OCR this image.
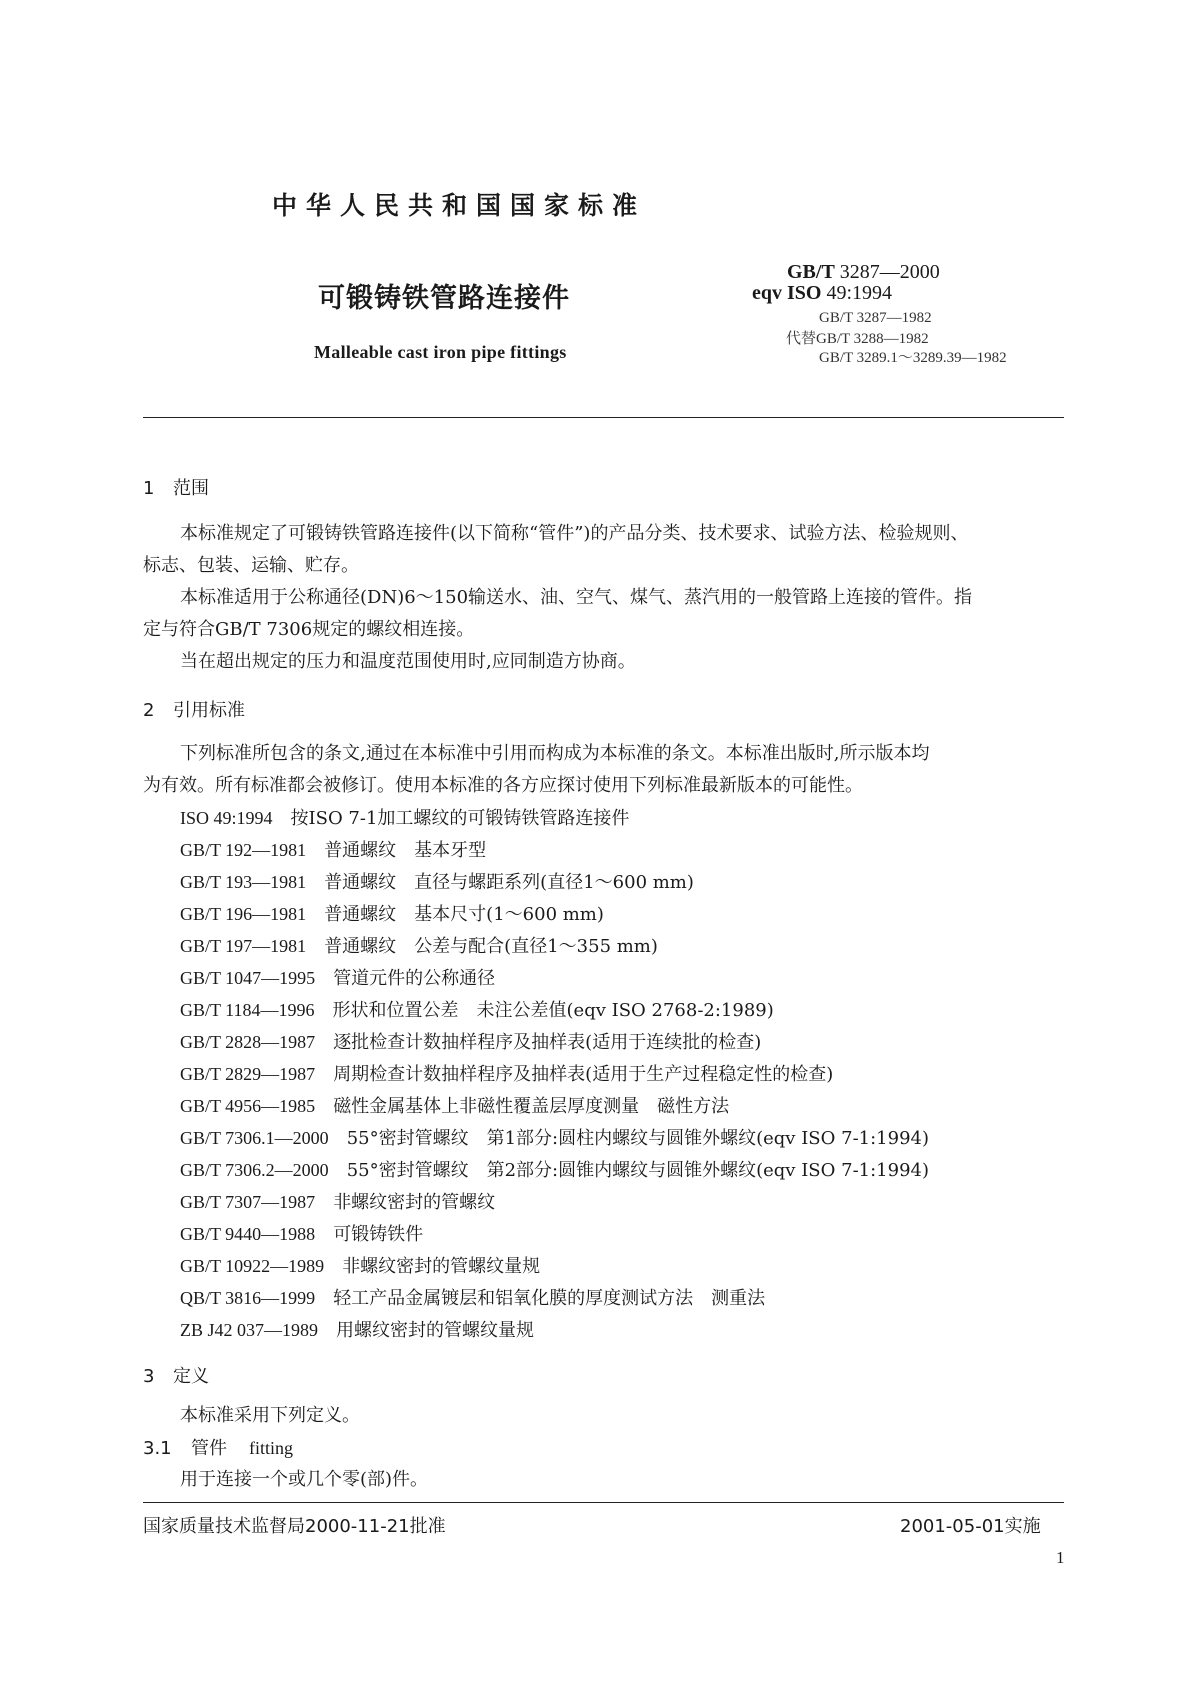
中华人民共和国国家标准
可锻铸铁管路连接件
Malleable cast iron pipe fittings
GB/T 3287—2000
eqv ISO 49:1994
GB/T 3287—1982
代替GB/T 3288—1982
GB/T 3289.1～3289.39—1982
1 范围
本标准规定了可锻铸铁管路连接件(以下简称“管件”)的产品分类、技术要求、试验方法、检验规则、
标志、包装、运输、贮存。
本标准适用于公称通径(DN)6～150输送水、油、空气、煤气、蒸汽用的一般管路上连接的管件。指
定与符合GB/T 7306规定的螺纹相连接。
当在超出规定的压力和温度范围使用时,应同制造方协商。
2 引用标准
下列标准所包含的条文,通过在本标准中引用而构成为本标准的条文。本标准出版时,所示版本均
为有效。所有标准都会被修订。使用本标准的各方应探讨使用下列标准最新版本的可能性。
ISO 49:1994 按ISO 7-1加工螺纹的可锻铸铁管路连接件
GB/T 192—1981 普通螺纹　基本牙型
GB/T 193—1981 普通螺纹　直径与螺距系列(直径1～600 mm)
GB/T 196—1981 普通螺纹　基本尺寸(1～600 mm)
GB/T 197—1981 普通螺纹　公差与配合(直径1～355 mm)
GB/T 1047—1995 管道元件的公称通径
GB/T 1184—1996 形状和位置公差　未注公差值(eqv ISO 2768-2:1989)
GB/T 2828—1987 逐批检查计数抽样程序及抽样表(适用于连续批的检查)
GB/T 2829—1987 周期检查计数抽样程序及抽样表(适用于生产过程稳定性的检查)
GB/T 4956—1985 磁性金属基体上非磁性覆盖层厚度测量　磁性方法
GB/T 7306.1—2000 55°密封管螺纹　第1部分:圆柱内螺纹与圆锥外螺纹(eqv ISO 7-1:1994)
GB/T 7306.2—2000 55°密封管螺纹　第2部分:圆锥内螺纹与圆锥外螺纹(eqv ISO 7-1:1994)
GB/T 7307—1987 非螺纹密封的管螺纹
GB/T 9440—1988 可锻铸铁件
GB/T 10922—1989 非螺纹密封的管螺纹量规
QB/T 3816—1999 轻工产品金属镀层和铝氧化膜的厚度测试方法　测重法
ZB J42 037—1989 用螺纹密封的管螺纹量规
3 定义
本标准采用下列定义。
3.1 管件 fitting
用于连接一个或几个零(部)件。
国家质量技术监督局2000-11-21批准	2001-05-01实施
1
